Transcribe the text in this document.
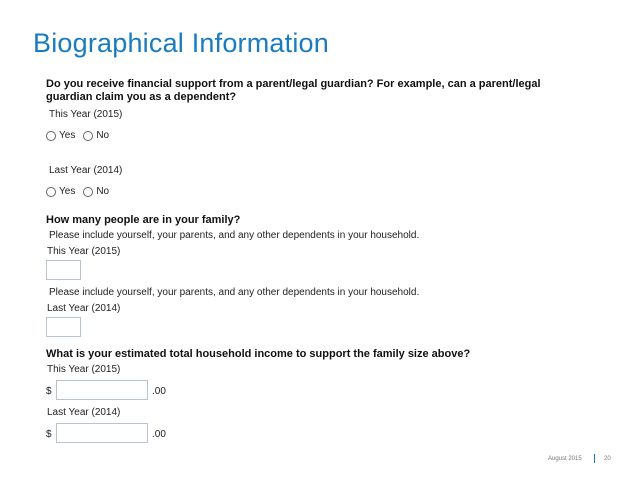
Biographical Information
Do you receive financial support from a parent/legal guardian? For example, can a parent/legal
guardian claim you as a dependent?
This Year (2015)
Yes No
Last Year (2014)
Yes No
How many people are in your family?
Please include yourself, your parents, and any other dependents in your household.
This Year (2015)
Please include yourself, your parents, and any other dependents in your household.
Last Year (2014)
What is your estimated total household income to support the family size above?
This Year (2015)
$	.00
Last Year (2014)
$	.00
August 2015	20
